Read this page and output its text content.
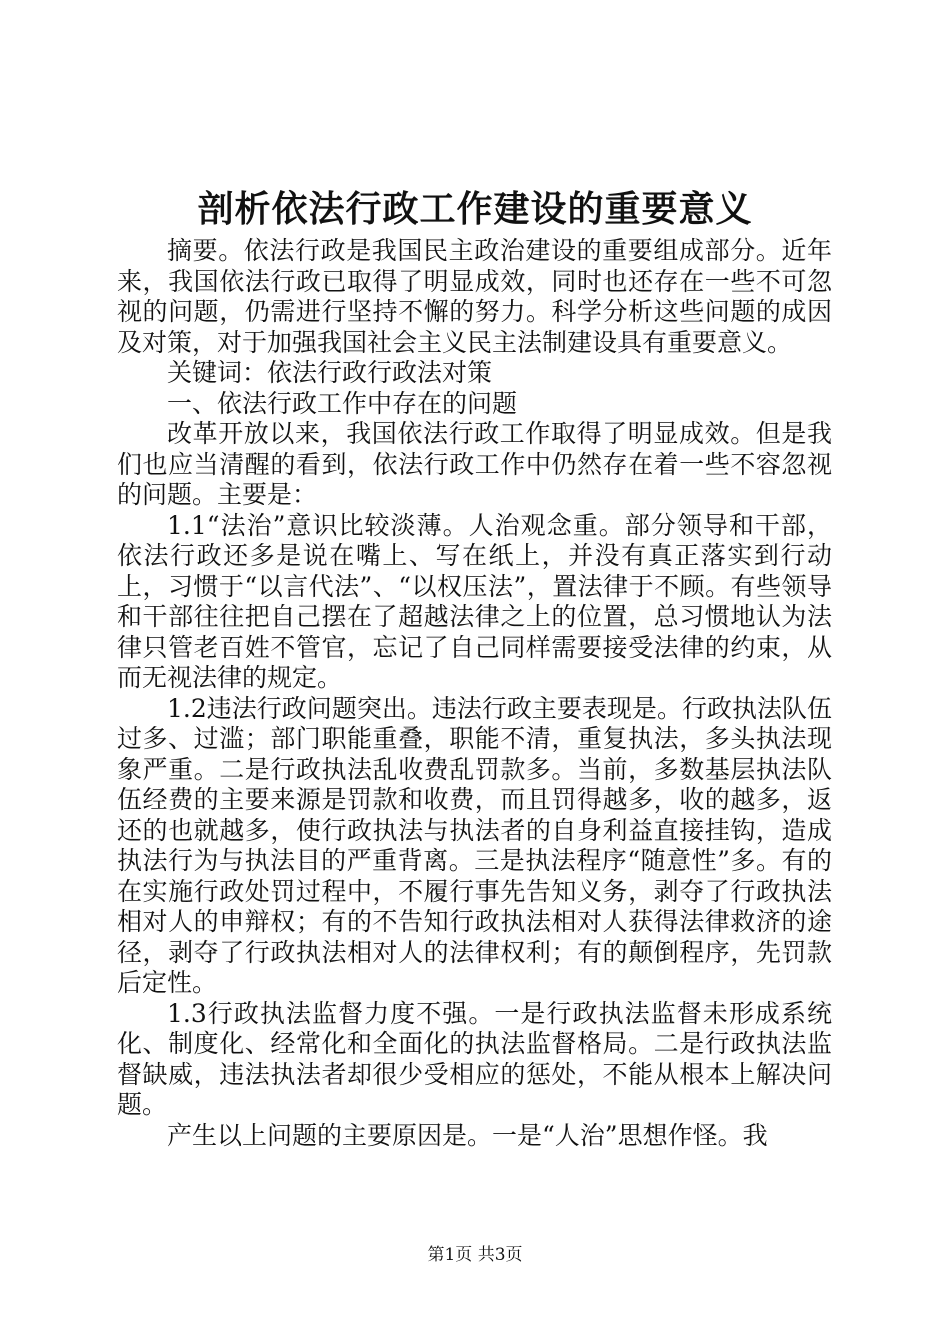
剖析依法行政工作建设的重要意义

摘要。依法行政是我国民主政治建设的重要组成部分。近年来，我国依法行政已取得了明显成效，同时也还存在一些不可忽视的问题，仍需进行坚持不懈的努力。科学分析这些问题的成因及对策，对于加强我国社会主义民主法制建设具有重要意义。

关键词：依法行政行政法对策

一、依法行政工作中存在的问题

改革开放以来，我国依法行政工作取得了明显成效。但是我们也应当清醒的看到，依法行政工作中仍然存在着一些不容忽视的问题。主要是：

1.1“法治”意识比较淡薄。人治观念重。部分领导和干部，依法行政还多是说在嘴上、写在纸上，并没有真正落实到行动上，习惯于“以言代法”、“以权压法”，置法律于不顾。有些领导和干部往往把自己摆在了超越法律之上的位置，总习惯地认为法律只管老百姓不管官，忘记了自己同样需要接受法律的约束，从而无视法律的规定。

1.2违法行政问题突出。违法行政主要表现是。行政执法队伍过多、过滥；部门职能重叠，职能不清，重复执法，多头执法现象严重。二是行政执法乱收费乱罚款多。当前，多数基层执法队伍经费的主要来源是罚款和收费，而且罚得越多，收的越多，返还的也就越多，使行政执法与执法者的自身利益直接挂钩，造成执法行为与执法目的严重背离。三是执法程序“随意性”多。有的在实施行政处罚过程中，不履行事先告知义务，剥夺了行政执法相对人的申辩权；有的不告知行政执法相对人获得法律救济的途径，剥夺了行政执法相对人的法律权利；有的颠倒程序，先罚款后定性。

1.3行政执法监督力度不强。一是行政执法监督未形成系统化、制度化、经常化和全面化的执法监督格局。二是行政执法监督缺威，违法执法者却很少受相应的惩处，不能从根本上解决问题。

产生以上问题的主要原因是。一是“人治”思想作怪。我

第1页 共3页
